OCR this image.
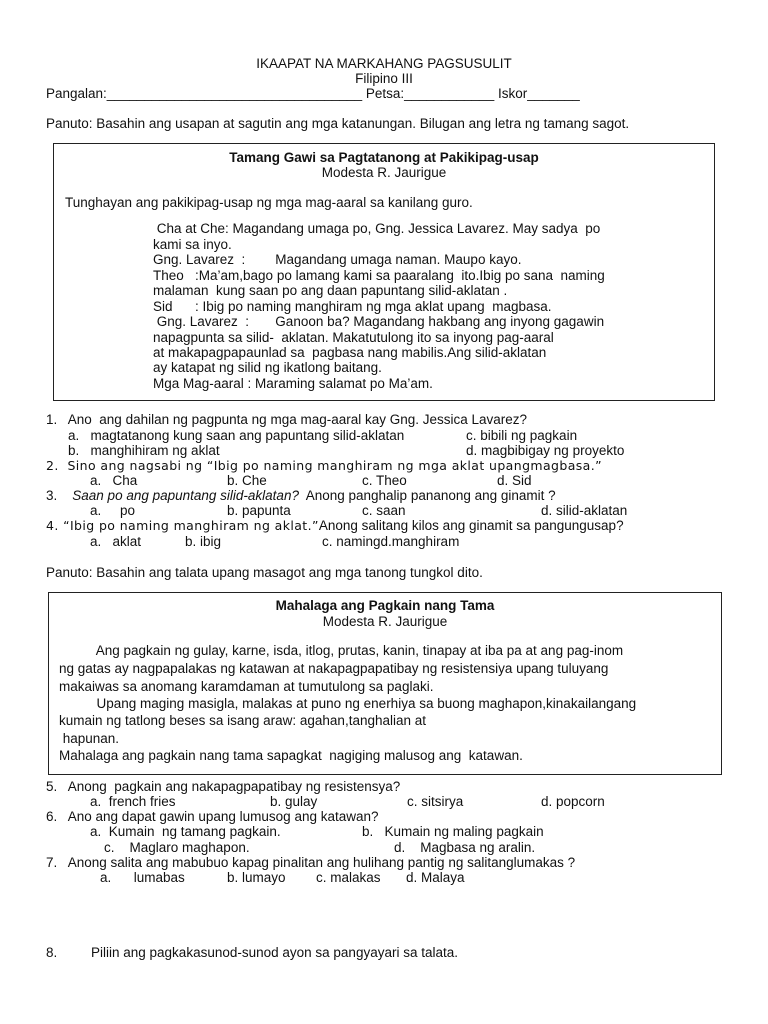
IKAAPAT NA MARKAHANG PAGSUSULIT
Filipino III
Pangalan:__________________________________ Petsa:____________ Iskor_______
Panuto: Basahin ang usapan at sagutin ang mga katanungan. Bilugan ang letra ng tamang sagot.
Tamang Gawi sa Pagtatanong at Pakikipag-usap
Modesta R. Jaurigue
Tunghayan ang pakikipag-usap ng mga mag-aaral sa kanilang guro.
Cha at Che: Magandang umaga po, Gng. Jessica Lavarez. May sadya  po
kami sa inyo.
Gng. Lavarez  :        Magandang umaga naman. Maupo kayo.
Theo   :Ma’am,bago po lamang kami sa paaralang  ito.Ibig po sana  naming
malaman  kung saan po ang daan papuntang silid-aklatan .
Sid      : Ibig po naming manghiram ng mga aklat upang  magbasa.
Gng. Lavarez  :       Ganoon ba? Magandang hakbang ang inyong gagawin
napagpunta sa silid-  aklatan. Makatutulong ito sa inyong pag-aaral
at makapagpapaunlad sa  pagbasa nang mabilis.Ang silid-aklatan
ay katapat ng silid ng ikatlong baitang.
Mga Mag-aaral : Maraming salamat po Ma’am.
1.   Ano  ang dahilan ng pagpunta ng mga mag-aaral kay Gng. Jessica Lavarez?
a.   magtatanong kung saan ang papuntang silid-aklatan	c. bibili ng pagkain
b.   manghihiram ng aklat	d. magbibigay ng proyekto
2.  Sino ang nagsabi ng “Ibig po naming manghiram ng mga aklat upangmagbasa.”
a.   Cha	b. Che	c. Theo	d. Sid
3. Saan po ang papuntang silid-aklatan?  Anong panghalip pananong ang ginamit ?
a.     po	b. papunta	c. saan	d. silid-aklatan
4. “Ibig po naming manghiram ng aklat.”Anong salitang kilos ang ginamit sa pangungusap?
a.   aklat	b. ibig	c. namingd.manghiram
Panuto: Basahin ang talata upang masagot ang mga tanong tungkol dito.
Mahalaga ang Pagkain nang Tama
Modesta R. Jaurigue
Ang pagkain ng gulay, karne, isda, itlog, prutas, kanin, tinapay at iba pa at ang pag-inom
ng gatas ay nagpapalakas ng katawan at nakapagpapatibay ng resistensiya upang tuluyang
makaiwas sa anomang karamdaman at tumutulong sa paglaki.
Upang maging masigla, malakas at puno ng enerhiya sa buong maghapon,kinakailangang
kumain ng tatlong beses sa isang araw: agahan,tanghalian at
hapunan.
Mahalaga ang pagkain nang tama sapagkat  nagiging malusog ang  katawan.
5.   Anong  pagkain ang nakapagpapatibay ng resistensya?
a.  french fries	b. gulay	c. sitsirya	d. popcorn
6.   Ano ang dapat gawin upang lumusog ang katawan?
a.  Kumain  ng tamang pagkain.	b.   Kumain ng maling pagkain
c.    Maglaro maghapon.	d.    Magbasa ng aralin.
7.   Anong salita ang mabubuo kapag pinalitan ang hulihang pantig ng salitanglumakas ?
a.      lumabas	b. lumayo c. malakas d. Malaya
8. Piliin ang pagkakasunod-sunod ayon sa pangyayari sa talata.
